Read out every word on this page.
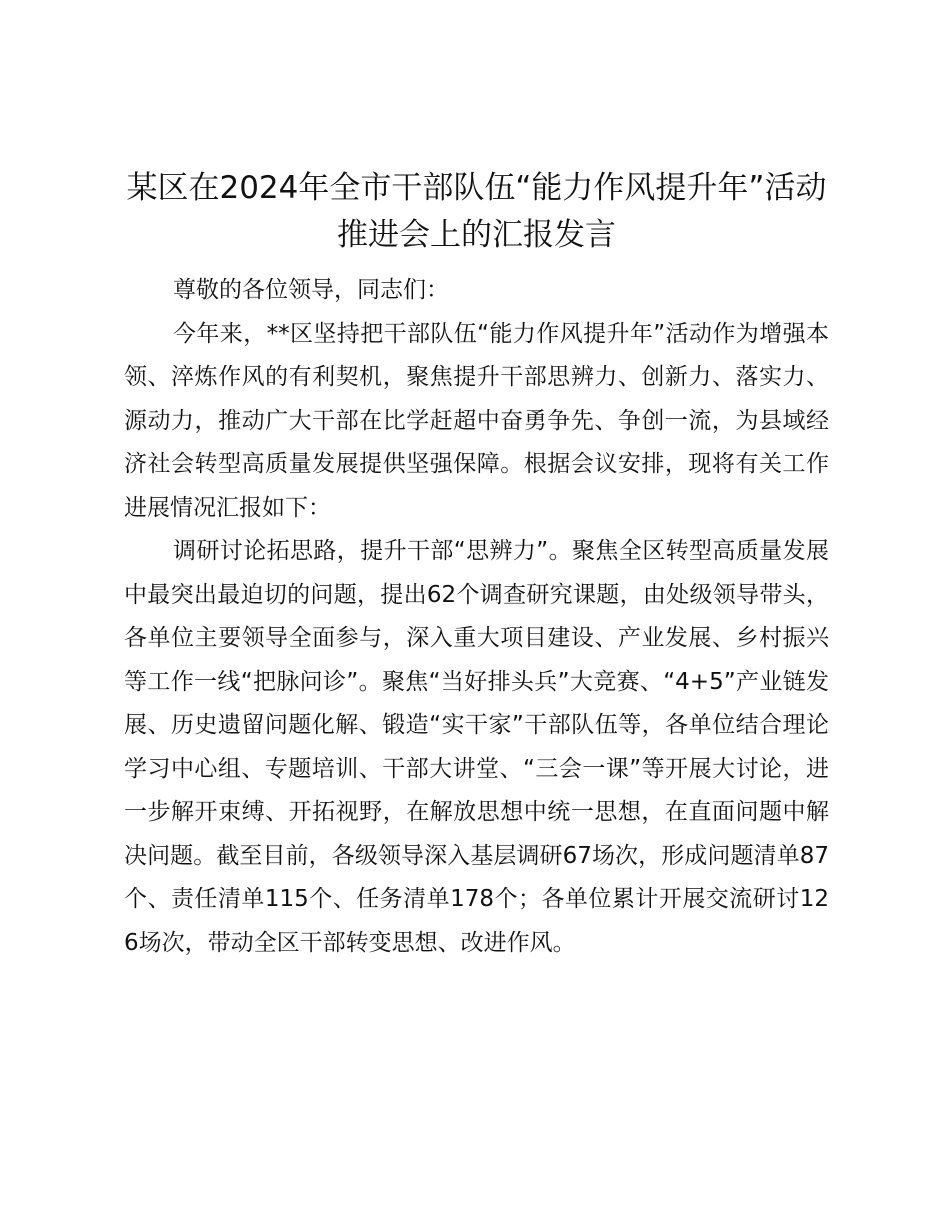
某区在2024年全市干部队伍“能力作风提升年”活动推进会上的汇报发言

尊敬的各位领导，同志们：

今年来，**区坚持把干部队伍“能力作风提升年”活动作为增强本领、淬炼作风的有利契机，聚焦提升干部思辨力、创新力、落实力、源动力，推动广大干部在比学赶超中奋勇争先、争创一流，为县域经济社会转型高质量发展提供坚强保障。根据会议安排，现将有关工作进展情况汇报如下：

调研讨论拓思路，提升干部“思辨力”。聚焦全区转型高质量发展中最突出最迫切的问题，提出62个调查研究课题，由处级领导带头，各单位主要领导全面参与，深入重大项目建设、产业发展、乡村振兴等工作一线“把脉问诊”。聚焦“当好排头兵”大竞赛、“4+5”产业链发展、历史遗留问题化解、锻造“实干家”干部队伍等，各单位结合理论学习中心组、专题培训、干部大讲堂、“三会一课”等开展大讨论，进一步解开束缚、开拓视野，在解放思想中统一思想，在直面问题中解决问题。截至目前，各级领导深入基层调研67场次，形成问题清单87个、责任清单115个、任务清单178个；各单位累计开展交流研讨126场次，带动全区干部转变思想、改进作风。
